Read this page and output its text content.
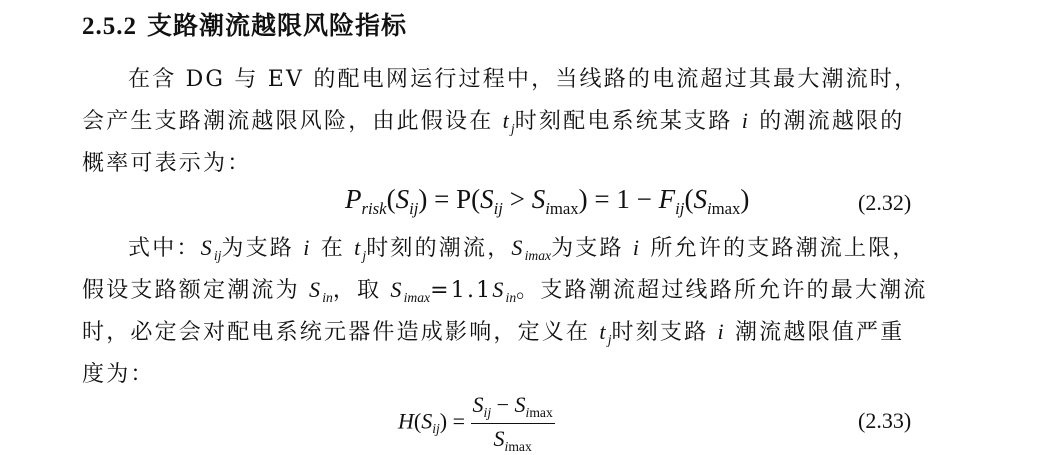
2.5.2 支路潮流越限风险指标
在含 DG 与 EV 的配电网运行过程中，当线路的电流超过其最大潮流时，
会产生支路潮流越限风险，由此假设在 $t_j$时刻配电系统某支路 i 的潮流越限的
概率可表示为：
$P_{risk}(S_{ij}) = P(S_{ij} > S_{imax}) = 1 - F_{ij}(S_{imax})$	(2.32)
式中：$S_{ij}$为支路 i 在 $t_j$时刻的潮流，$S_{imax}$为支路 i 所允许的支路潮流上限，
假设支路额定潮流为 $S_{in}$，取 $S_{imax}=1.1S_{in}$。支路潮流超过线路所允许的最大潮流
时，必定会对配电系统元器件造成影响，定义在 $t_j$时刻支路 i 潮流越限值严重
度为：
$H(S_{ij}) = \frac{S_{ij} - S_{imax}}{S_{imax}}$	(2.33)
